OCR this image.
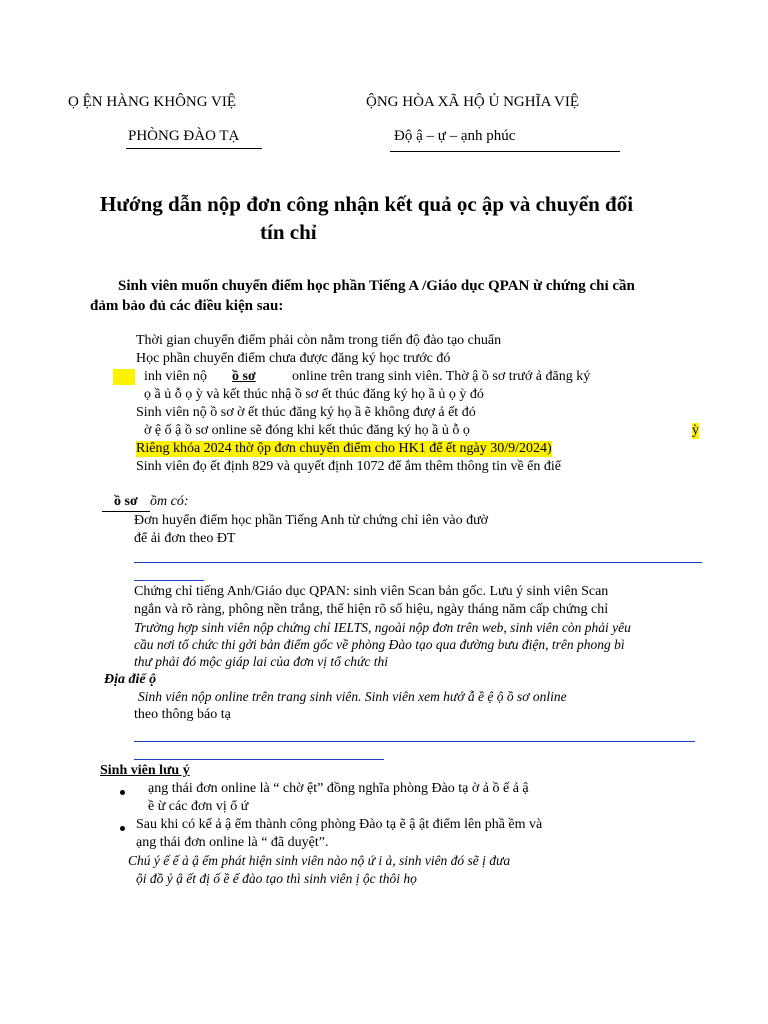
Ọ ỆN HÀNG KHÔNG VIỆ
PHÒNG ĐÀO TẠ
ỘNG HÒA XÃ HỘ Ủ NGHĨA VIỆ
Độ ậ – ự – ạnh phúc
Hướng dẫn nộp đơn công nhận kết quả ọc ập và chuyển đổi
tín chỉ
Sinh viên muốn chuyển điểm học phần Tiếng A /Giáo dục QPAN ừ chứng chỉ cần
đảm bảo đủ các điều kiện sau:
Thời gian chuyển điểm phải còn nằm trong tiến độ đào tạo chuẩn
Học phần chuyển điểm chưa được đăng ký học trước đó
inh viên nộ ồ sơ	online trên trang sinh viên. Thờ ậ ồ sơ trướ ả đăng ký
ọ ầ ủ ỗ ọ ỳ và kết thúc nhậ ồ sơ ết thúc đăng ký họ ầ ủ ọ ỳ đó
Sinh viên nộ ồ sơ ờ ết thúc đăng ký họ ầ ẽ không đượ ả ết đó
ờ ệ ố ậ ồ sơ online sẽ đóng khi kết thúc đăng ký họ ầ ủ ỗ ọ	ỳ
Riêng khóa 2024 thờ ộp đơn chuyển điểm cho HK1 để ết ngày 30/9/2024)
Sinh viên đọ ết định 829 và quyết định 1072 để ắm thêm thông tin về ển điể
ồ sơ ồm có:
Đơn huyển điểm học phần Tiếng Anh từ chứng chỉ iên vào đườ
để ải đơn theo ĐT
Chứng chỉ tiếng Anh/Giáo dục QPAN: sinh viên Scan bản gốc. Lưu ý sinh viên Scan
ngắn và rõ ràng, phông nền trắng, thể hiện rõ số hiệu, ngày tháng năm cấp chứng chỉ
Trường hợp sinh viên nộp chứng chỉ IELTS, ngoài nộp đơn trên web, sinh viên còn phải yêu
cầu nơi tổ chức thi gởi bản điểm gốc về phòng Đào tạo qua đường bưu điện, trên phong bì
thư phải đó mộc giáp lai của đơn vị tổ chức thi
Địa điể ộ
Sinh viên nộp online trên trang sinh viên. Sinh viên xem hướ ẫ ề ệ ộ ồ sơ online
theo thông báo tạ
Sinh viên lưu ý
ạng thái đơn online là “ chờ ệt” đồng nghĩa phòng Đào tạ ờ ả ồ ế ả ậ
ề ừ các đơn vị ổ ứ
Sau khi có kế ả ậ ểm thành công phòng Đào tạ ẽ ậ ật điểm lên phầ ềm và
ạng thái đơn online là “ đã duyệt”.
Chú ý ế ế ả ậ ểm phát hiện sinh viên nào nộ ứ i ả, sinh viên đó sẽ ị đưa
ội đồ ỷ ậ ết đị ố ề ế đào tạo thì sinh viên ị ộc thôi họ
